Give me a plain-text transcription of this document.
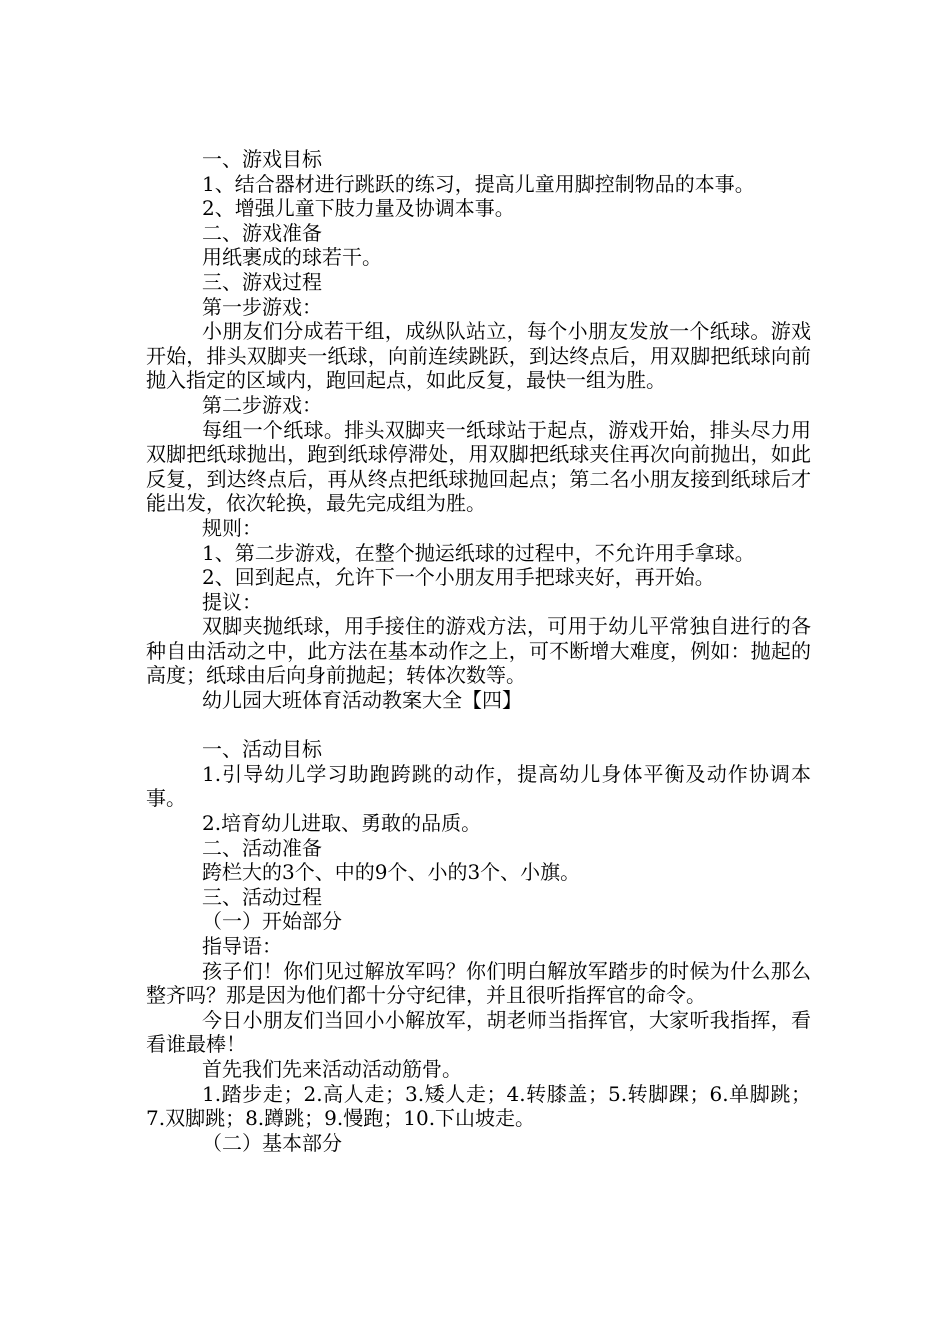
一、游戏目标

1、结合器材进行跳跃的练习，提高儿童用脚控制物品的本事。

2、增强儿童下肢力量及协调本事。

二、游戏准备

用纸裹成的球若干。

三、游戏过程

第一步游戏：

小朋友们分成若干组，成纵队站立，每个小朋友发放一个纸球。游戏开始，排头双脚夹一纸球，向前连续跳跃，到达终点后，用双脚把纸球向前抛入指定的区域内，跑回起点，如此反复，最快一组为胜。

第二步游戏：

每组一个纸球。排头双脚夹一纸球站于起点，游戏开始，排头尽力用双脚把纸球抛出，跑到纸球停滞处，用双脚把纸球夹住再次向前抛出，如此反复，到达终点后，再从终点把纸球抛回起点；第二名小朋友接到纸球后才能出发，依次轮换，最先完成组为胜。

规则：

1、第二步游戏，在整个抛运纸球的过程中，不允许用手拿球。

2、回到起点，允许下一个小朋友用手把球夹好，再开始。

提议：

双脚夹抛纸球，用手接住的游戏方法，可用于幼儿平常独自进行的各种自由活动之中，此方法在基本动作之上，可不断增大难度，例如：抛起的高度；纸球由后向身前抛起；转体次数等。

幼儿园大班体育活动教案大全【四】

一、活动目标

1.引导幼儿学习助跑跨跳的动作，提高幼儿身体平衡及动作协调本事。

2.培育幼儿进取、勇敢的品质。

二、活动准备

跨栏大的3个、中的9个、小的3个、小旗。

三、活动过程

（一）开始部分

指导语：

孩子们！你们见过解放军吗？你们明白解放军踏步的时候为什么那么整齐吗？那是因为他们都十分守纪律，并且很听指挥官的命令。

今日小朋友们当回小小解放军，胡老师当指挥官，大家听我指挥，看看谁最棒！

首先我们先来活动活动筋骨。

1.踏步走；2.高人走；3.矮人走；4.转膝盖；5.转脚踝；6.单脚跳；7.双脚跳；8.蹲跳；9.慢跑；10.下山坡走。

（二）基本部分
